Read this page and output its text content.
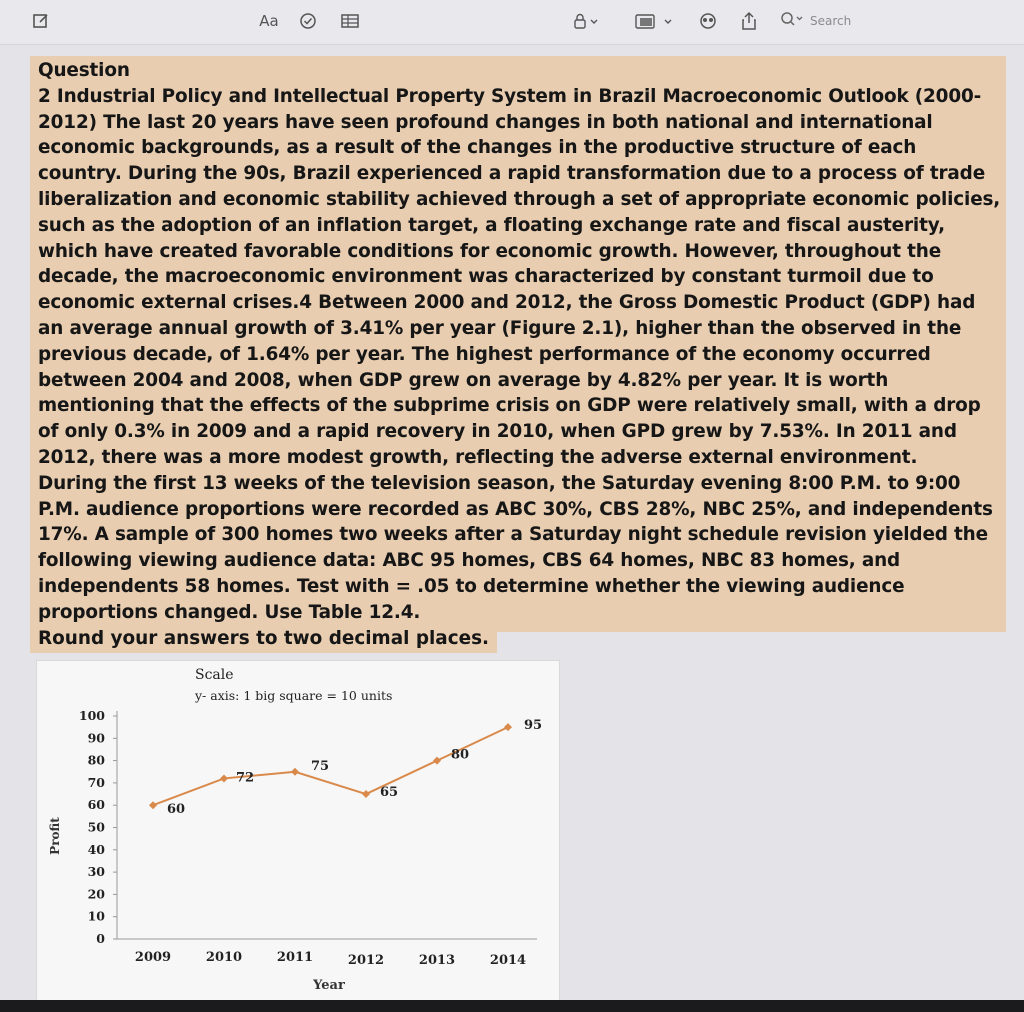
Aa
Search

Question

2 Industrial Policy and Intellectual Property System in Brazil Macroeconomic Outlook (2000-2012) The last 20 years have seen profound changes in both national and international economic backgrounds, as a result of the changes in the productive structure of each country. During the 90s, Brazil experienced a rapid transformation due to a process of trade liberalization and economic stability achieved through a set of appropriate economic policies, such as the adoption of an inflation target, a floating exchange rate and fiscal austerity, which have created favorable conditions for economic growth. However, throughout the decade, the macroeconomic environment was characterized by constant turmoil due to economic external crises.4 Between 2000 and 2012, the Gross Domestic Product (GDP) had an average annual growth of 3.41% per year (Figure 2.1), higher than the observed in the previous decade, of 1.64% per year. The highest performance of the economy occurred between 2004 and 2008, when GDP grew on average by 4.82% per year. It is worth mentioning that the effects of the subprime crisis on GDP were relatively small, with a drop of only 0.3% in 2009 and a rapid recovery in 2010, when GPD grew by 7.53%. In 2011 and 2012, there was a more modest growth, reflecting the adverse external environment.

During the first 13 weeks of the television season, the Saturday evening 8:00 P.M. to 9:00 P.M. audience proportions were recorded as ABC 30%, CBS 28%, NBC 25%, and independents 17%. A sample of 300 homes two weeks after a Saturday night schedule revision yielded the following viewing audience data: ABC 95 homes, CBS 64 homes, NBC 83 homes, and independents 58 homes. Test with = .05 to determine whether the viewing audience proportions changed. Use Table 12.4.

Round your answers to two decimal places.
Scale
y- axis: 1 big square = 10 units
0
10
20
30
40
50
60
70
80
90
100
2009	2010	2011	2012	2013	2014
60
72
75
65
80
95
Profit
Year
